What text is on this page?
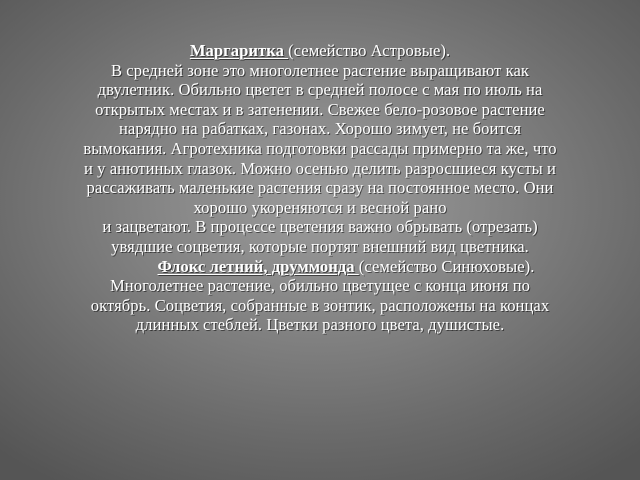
Маргаритка (семейство Астровые).
В средней зоне это многолетнее растение выращивают как
двулетник. Обильно цветет в средней полосе с мая по июль на
открытых местах и в затенении. Свежее бело-розовое растение
нарядно на рабатках, газонах. Хорошо зимует, не боится
вымокания. Агротехника подготовки рассады примерно та же, что
и у анютиных глазок. Можно осенью делить разросшиеся кусты и
рассаживать маленькие растения сразу на постоянное место. Они
хорошо укореняются и весной рано
и зацветают. В процессе цветения важно обрывать (отрезать)
увядшие соцветия, которые портят внешний вид цветника.
Флокс летний, друммонда (семейство Синюховые).
Многолетнее растение, обильно цветущее с конца июня по
октябрь. Соцветия, собранные в зонтик, расположены на концах
длинных стеблей. Цветки разного цвета, душистые.
